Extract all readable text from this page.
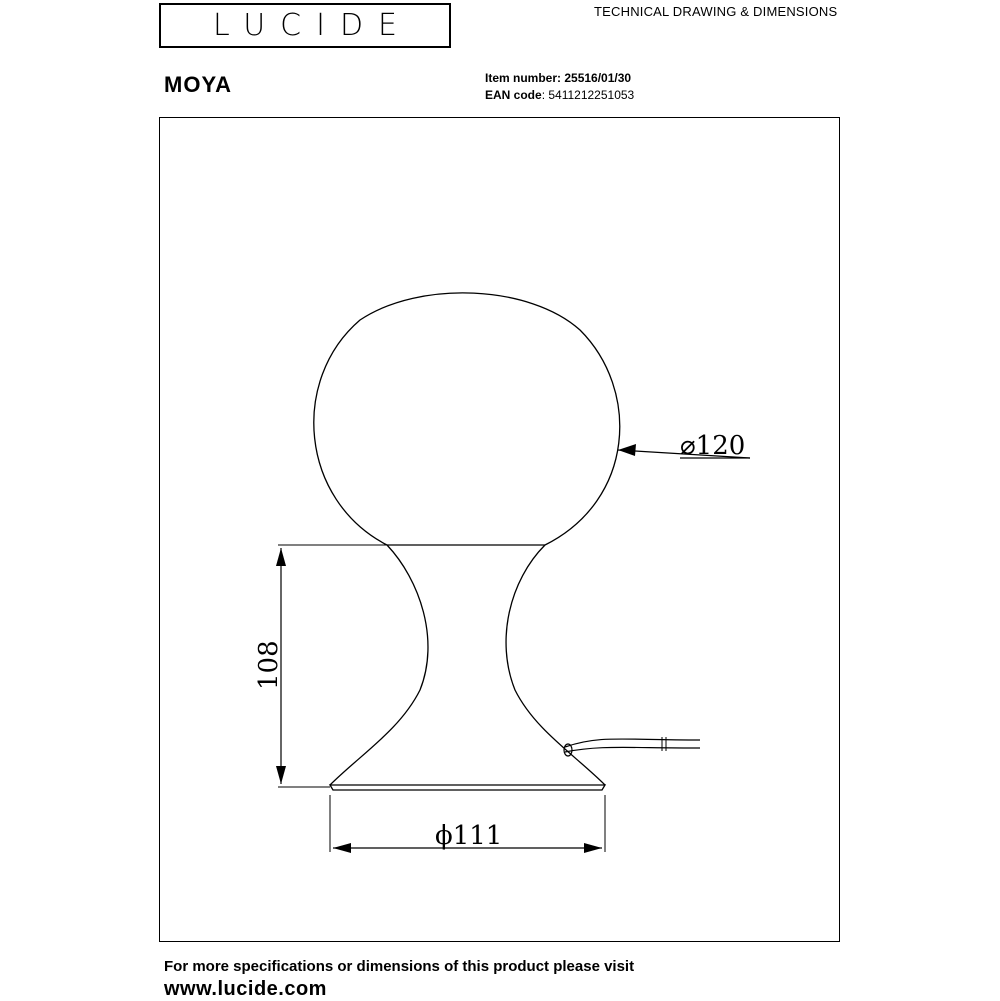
LUCIDE	TECHNICAL DRAWING & DIMENSIONS
MOYA	Item number: 25516/01/30
EAN code: 5411212251053
⌀120
108
ϕ111
For more specifications or dimensions of this product please visit
www.lucide.com
